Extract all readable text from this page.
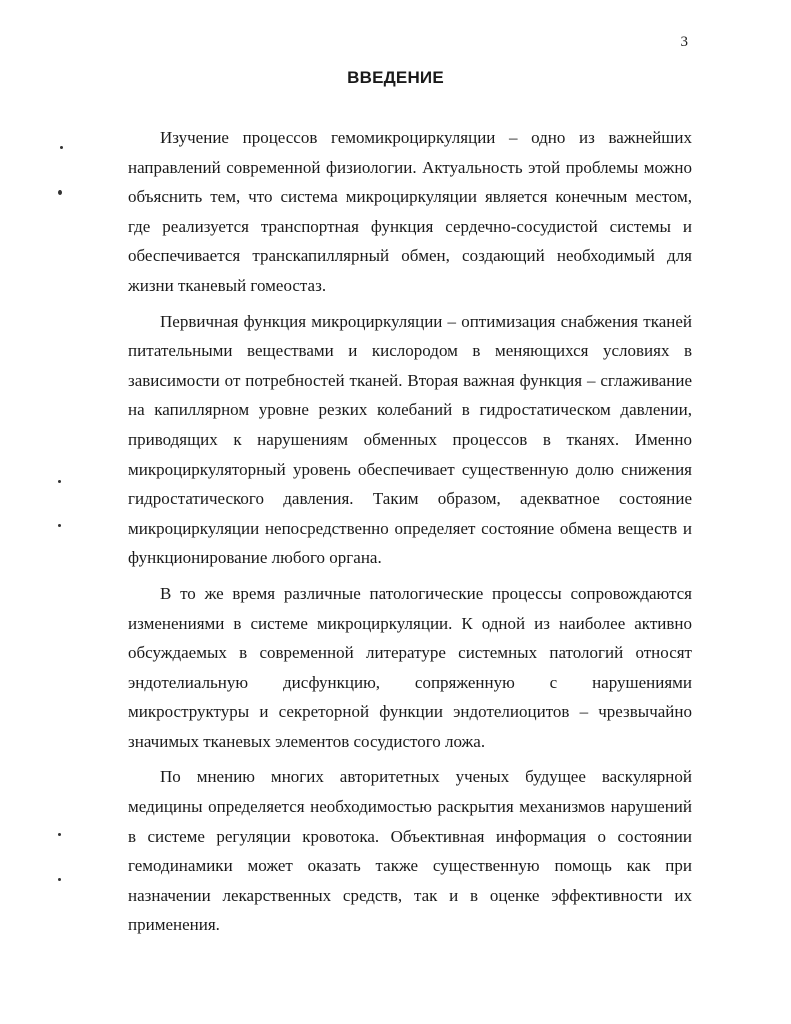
3
ВВЕДЕНИЕ

Изучение процессов гемомикроциркуляции – одно из важнейших направлений современной физиологии. Актуальность этой проблемы можно объяснить тем, что система микроциркуляции является конечным местом, где реализуется транспортная функция сердечно-сосудистой системы и обеспечивается транскапиллярный обмен, создающий необходимый для жизни тканевый гомеостаз.

Первичная функция микроциркуляции – оптимизация снабжения тканей питательными веществами и кислородом в меняющихся условиях в зависимости от потребностей тканей. Вторая важная функция – сглаживание на капиллярном уровне резких колебаний в гидростатическом давлении, приводящих к нарушениям обменных процессов в тканях. Именно микроциркуляторный уровень обеспечивает существенную долю снижения гидростатического давления. Таким образом, адекватное состояние микроциркуляции непосредственно определяет состояние обмена веществ и функционирование любого органа.

В то же время различные патологические процессы сопровождаются изменениями в системе микроциркуляции. К одной из наиболее активно обсуждаемых в современной литературе системных патологий относят эндотелиальную дисфункцию, сопряженную с нарушениями микроструктуры и секреторной функции эндотелиоцитов – чрезвычайно значимых тканевых элементов сосудистого ложа.

По мнению многих авторитетных ученых будущее васкулярной медицины определяется необходимостью раскрытия механизмов нарушений в системе регуляции кровотока. Объективная информация о состоянии гемодинамики может оказать также существенную помощь как при назначении лекарственных средств, так и в оценке эффективности их применения.
